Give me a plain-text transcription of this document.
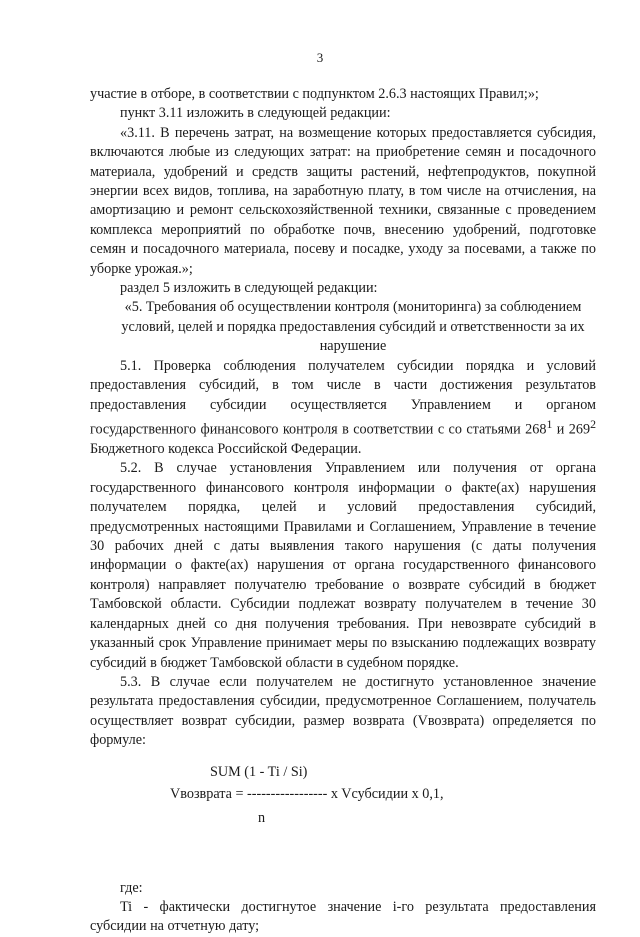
3

участие в отборе, в соответствии с подпунктом 2.6.3 настоящих Правил;»;

пункт 3.11 изложить в следующей редакции:

«3.11. В перечень затрат, на возмещение которых предоставляется субсидия, включаются любые из следующих затрат: на приобретение семян и посадочного материала, удобрений и средств защиты растений, нефтепродуктов, покупной энергии всех видов, топлива, на заработную плату, в том числе на отчисления, на амортизацию и ремонт сельскохозяйственной техники, связанные с проведением комплекса мероприятий по обработке почв, внесению удобрений, подготовке семян и посадочного материала, посеву и посадке, уходу за посевами, а также по уборке урожая.»;

раздел 5 изложить в следующей редакции:

«5. Требования об осуществлении контроля (мониторинга) за соблюдением условий, целей и порядка предоставления субсидий и ответственности за их нарушение

5.1. Проверка соблюдения получателем субсидии порядка и условий предоставления субсидий, в том числе в части достижения результатов предоставления субсидии осуществляется Управлением и органом государственного финансового контроля в соответствии с со статьями $268^1$ и $269^2$ Бюджетного кодекса Российской Федерации.

5.2. В случае установления Управлением или получения от органа государственного финансового контроля информации о факте(ах) нарушения получателем порядка, целей и условий предоставления субсидий, предусмотренных настоящими Правилами и Соглашением, Управление в течение 30 рабочих дней с даты выявления такого нарушения (с даты получения информации о факте(ах) нарушения от органа государственного финансового контроля) направляет получателю требование о возврате субсидий в бюджет Тамбовской области. Субсидии подлежат возврату получателем в течение 30 календарных дней со дня получения требования. При невозврате субсидий в указанный срок Управление принимает меры по взысканию подлежащих возврату субсидий в бюджет Тамбовской области в судебном порядке.

5.3. В случае если получателем не достигнуто установленное значение результата предоставления субсидии, предусмотренное Соглашением, получатель осуществляет возврат субсидии, размер возврата (Vвозврата) определяется по формуле:

SUM (1 - Ti / Si)
Vвозврата = ----------------- x Vсубсидии x 0,1,
n

где:

Ti - фактически достигнутое значение i-го результата предоставления субсидии на отчетную дату;
